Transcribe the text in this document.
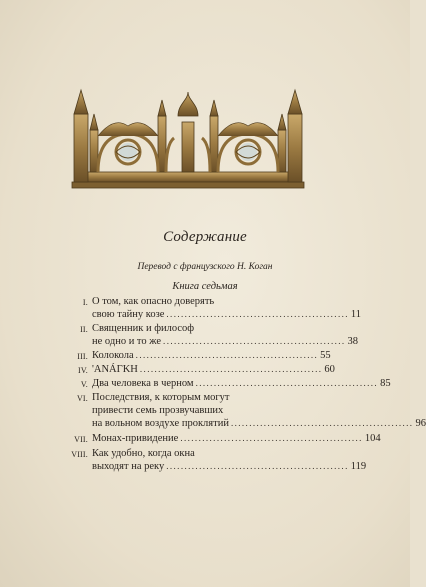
Содержание
Перевод с французского Н. Коган
Книга седьмая
I. О том, как опасно доверять
свою тайну козе .................................................. 11
II. Священник и философ
не одно и то же .................................................. 38
III. Колокола .................................................. 55
IV. 'ANÁΓKH .................................................. 60
V. Два человека в черном .................................................. 85
VI. Последствия, к которым могут
привести семь прозвучавших
на вольном воздухе проклятий .................................................. 96
VII. Монах-привидение .................................................. 104
VIII. Как удобно, когда окна
выходят на реку .................................................. 119
